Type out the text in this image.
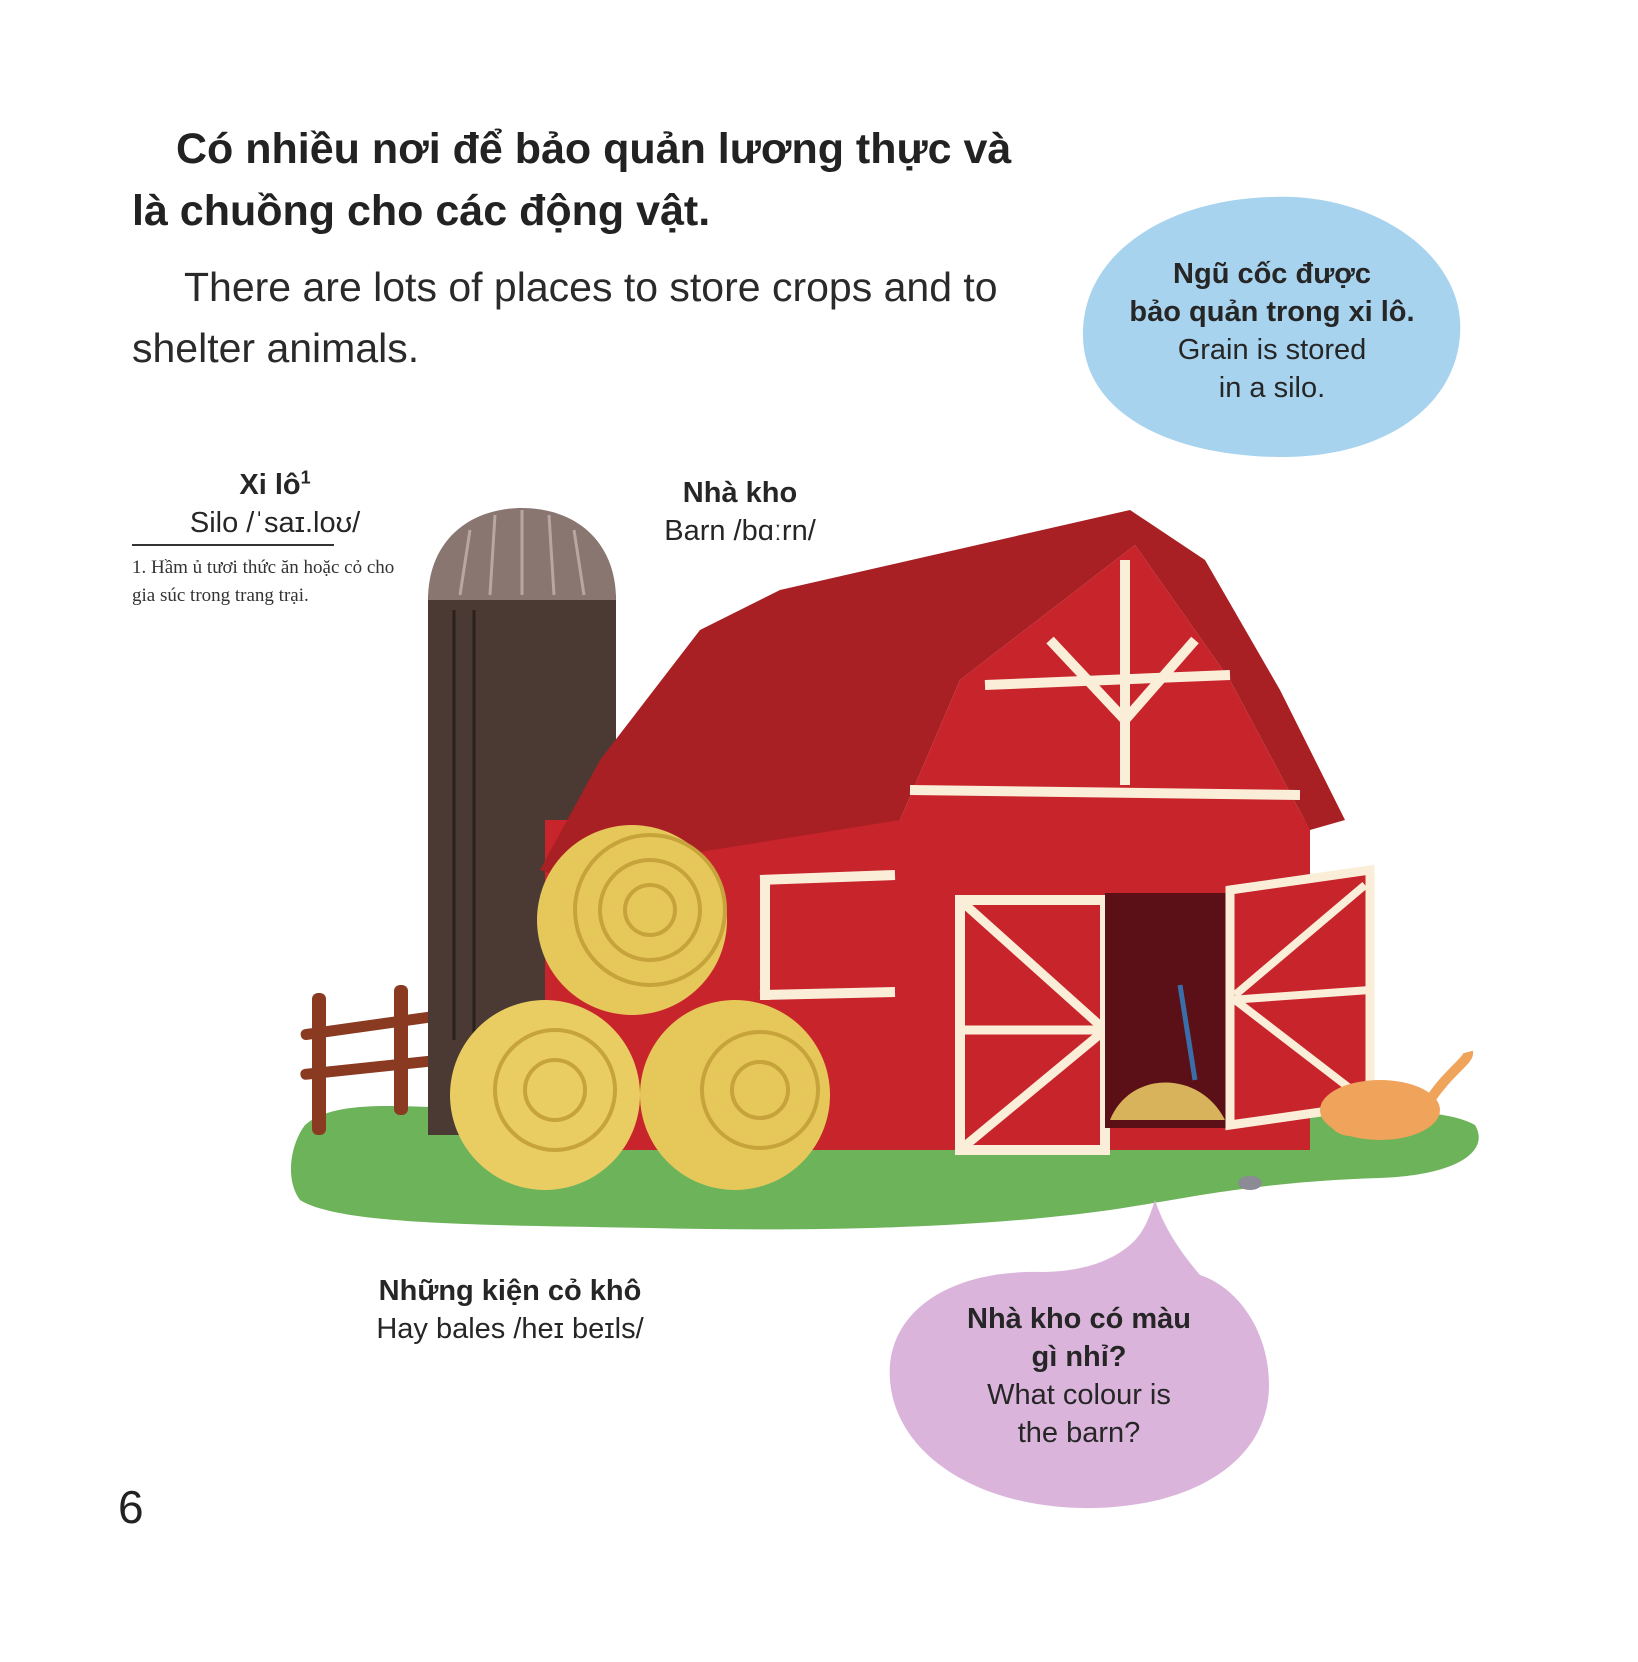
Có nhiều nơi để bảo quản lương thực và là chuồng cho các động vật.

There are lots of places to store crops and to shelter animals.

Ngũ cốc được
bảo quản trong xi lô.
Grain is stored
in a silo.
Xi $lô^1$
Silo /ˈsaɪ.loʊ/
1. Hầm ủ tươi thức ăn hoặc cỏ cho gia súc trong trang trại.
Nhà kho
Barn /bɑːrn/
Những kiện cỏ khô
Hay bales /heɪ beɪls/	Nhà kho có màu
gì nhỉ?
What colour is
the barn?
6
